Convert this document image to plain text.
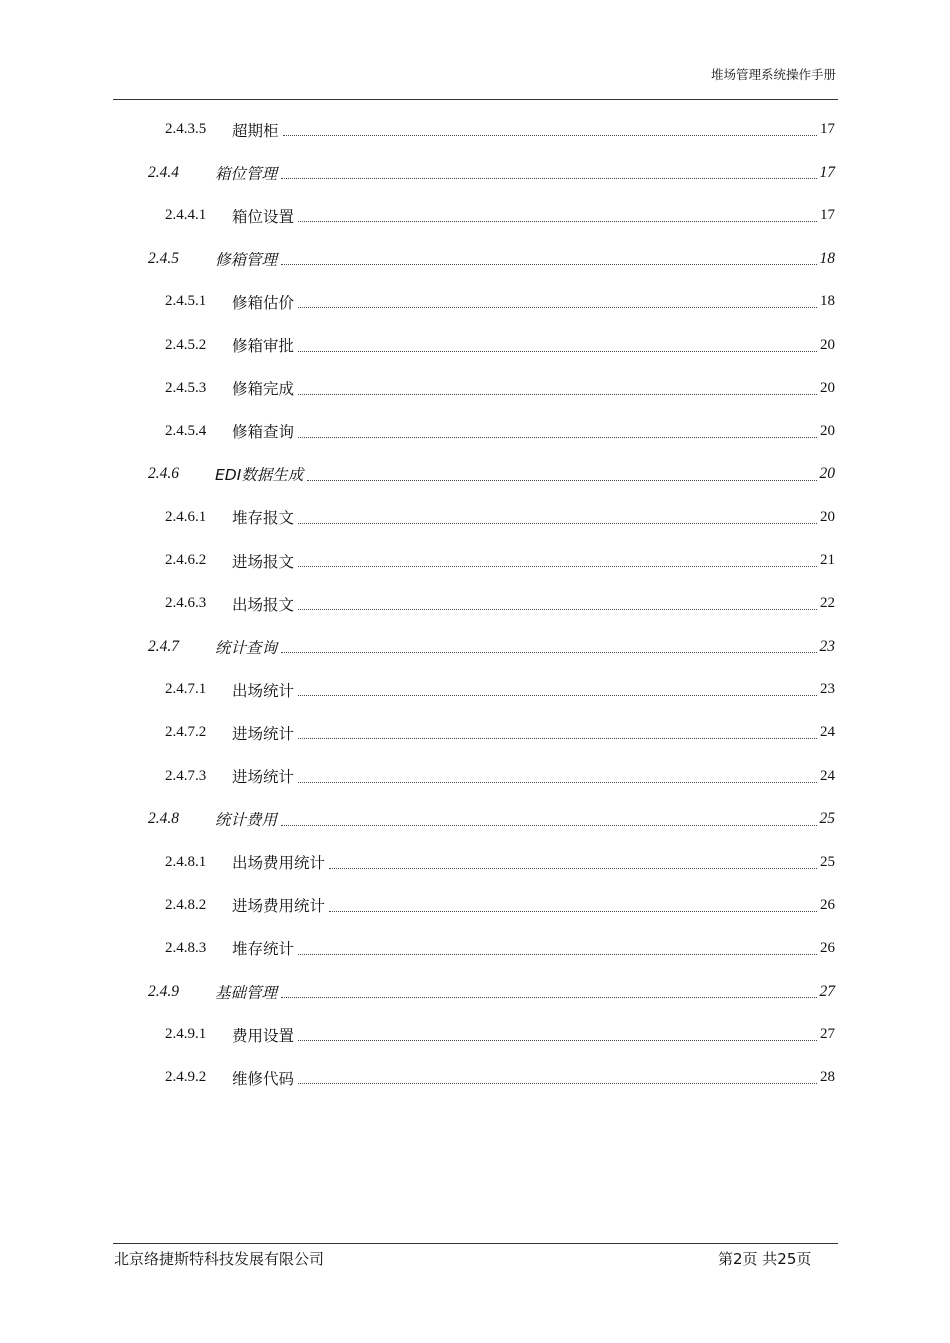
堆场管理系统操作手册
2.4.3.5	超期柜	17
2.4.4	箱位管理	17
2.4.4.1	箱位设置	17
2.4.5	修箱管理	18
2.4.5.1	修箱估价	18
2.4.5.2	修箱审批	20
2.4.5.3	修箱完成	20
2.4.5.4	修箱查询	20
2.4.6	EDI数据生成	20
2.4.6.1	堆存报文	20
2.4.6.2	进场报文	21
2.4.6.3	出场报文	22
2.4.7	统计查询	23
2.4.7.1	出场统计	23
2.4.7.2	进场统计	24
2.4.7.3	进场统计	24
2.4.8	统计费用	25
2.4.8.1	出场费用统计	25
2.4.8.2	进场费用统计	26
2.4.8.3	堆存统计	26
2.4.9	基础管理	27
2.4.9.1	费用设置	27
2.4.9.2	维修代码	28
北京络捷斯特科技发展有限公司	第2页 共25页
